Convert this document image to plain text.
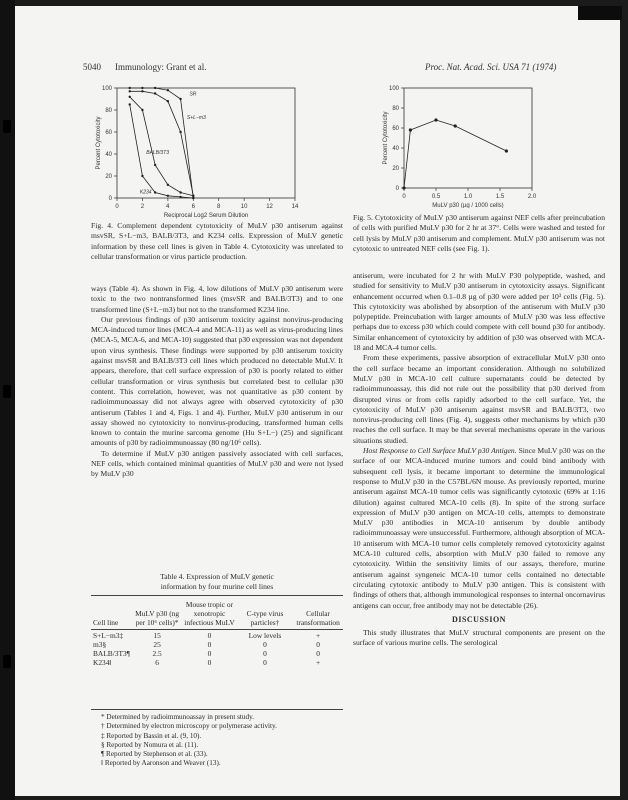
5040 Immunology: Grant et al.	Proc. Nat. Acad. Sci. USA 71 (1974)
0	2	4	6	8	10	12	14
0
20
40
60
80
100
Reciprocal Log2 Serum Dilution
Percent Cytotoxicity
SR
S+L−m3
BALB/3T3
K234

Fig. 4. Complement dependent cytotoxicity of MuLV p30 antiserum against msvSR, S+L−m3, BALB/3T3, and K234 cells. Expression of MuLV genetic information by these cell lines is given in Table 4. Cytotoxicity was unrelated to cellular transformation or virus particle production.

0	0.5	1.0	1.5	2.0
0
20
40
60
80
100
MuLV p30 (µg / 1000 cells)
Percent Cytotoxicity

Fig. 5. Cytotoxicity of MuLV p30 antiserum against NEF cells after preincubation of cells with purified MuLV p30 for 2 hr at 37°. Cells were washed and tested for cell lysis by MuLV p30 antiserum and complement. MuLV p30 antiserum was not cytotoxic to untreated NEF cells (see Fig. 1).

ways (Table 4). As shown in Fig. 4, low dilutions of MuLV p30 antiserum were toxic to the two nontransformed lines (msvSR and BALB/3T3) and to one transformed line (S+L−m3) but not to the transformed K234 line.

Our previous findings of p30 antiserum toxicity against nonvirus-producing MCA-induced tumor lines (MCA-4 and MCA-11) as well as virus-producing lines (MCA-5, MCA-6, and MCA-10) suggested that p30 expression was not dependent upon virus synthesis. These findings were supported by p30 antiserum toxicity against msvSR and BALB/3T3 cell lines which produced no detectable MuLV. It appears, therefore, that cell surface expression of p30 is poorly related to either cellular transformation or virus synthesis but correlated best to cellular p30 content. This correlation, however, was not quantitative as p30 content by radioimmunoassay did not always agree with observed cytotoxicity of p30 antiserum (Tables 1 and 4, Figs. 1 and 4). Further, MuLV p30 antiserum in our assay showed no cytotoxicity to nonvirus-producing, transformed human cells known to contain the murine sarcoma genome (Hu S+L−) (25) and significant amounts of p30 by radioimmunoassay (80 ng/10⁶ cells).

To determine if MuLV p30 antigen passively associated with cell surfaces, NEF cells, which contained minimal quantities of MuLV p30 and were not lysed by MuLV p30

Table 4. Expression of MuLV genetic
information by four murine cell lines
Cell line	MuLV p30 (ng per 10⁶ cells)*	Mouse tropic or xenotropic infectious MuLV	C-type virus particles†	Cellular transformation

S+L−m3‡	15	0	Low levels	+
m3§	25	0	0	0
BALB/3T3¶	2.5	0	0	0
K234‖	6	0	0	+
* Determined by radioimmunoassay in present study.
† Determined by electron microscopy or polymerase activity.
‡ Reported by Bassin et al. (9, 10).
§ Reported by Nomura et al. (11).
¶ Reported by Stephenson et al. (33).
‖ Reported by Aaronson and Weaver (13).

antiserum, were incubated for 2 hr with MuLV P30 polypeptide, washed, and studied for sensitivity to MuLV p30 antiserum in cytotoxicity assays. Significant enhancement occurred when 0.1–0.8 µg of p30 were added per 10³ cells (Fig. 5). This cytotoxicity was abolished by absorption of the antiserum with MuLV p30 polypeptide. Preincubation with larger amounts of MuLV p30 was less effective perhaps due to excess p30 which could compete with cell bound p30 for antibody. Similar enhancement of cytotoxicity by addition of p30 was observed with MCA-18 and MCA-4 tumor cells.

From these experiments, passive absorption of extracellular MuLV p30 onto the cell surface became an important consideration. Although no solubilized MuLV p30 in MCA-10 cell culture supernatants could be detected by radioimmunoassay, this did not rule out the possibility that p30 derived from disrupted virus or from cells rapidly adsorbed to the cell surface. Yet, the cytotoxicity of MuLV p30 antiserum against msvSR and BALB/3T3, two nonvirus-producing cell lines (Fig. 4), suggests other mechanisms by which p30 reaches the cell surface. It may be that several mechanisms operate in the various situations studied.

Host Response to Cell Surface MuLV p30 Antigen. Since MuLV p30 was on the surface of our MCA-induced murine tumors and could bind antibody with subsequent cell lysis, it became important to determine the immunological response to MuLV p30 in the C57BL/6N mouse. As previously reported, murine antiserum against MCA-10 tumor cells was significantly cytotoxic (69% at 1:16 dilution) against cultured MCA-10 cells (8). In spite of the strong surface expression of MuLV p30 antigen on MCA-10 cells, attempts to demonstrate MuLV p30 antibodies in MCA-10 antiserum by double antibody radioimmunoassay were unsuccessful. Furthermore, although absorption of MCA-10 antiserum with MCA-10 tumor cells completely removed cytotoxicity against MCA-10 cultured cells, absorption with MuLV p30 failed to remove any cytotoxicity. Within the sensitivity limits of our assays, therefore, murine antiserum against syngeneic MCA-10 tumor cells contained no detectable circulating cytotoxic antibody to MuLV p30 antigen. This is consistent with findings of others that, although immunological responses to internal oncornavirus antigens can occur, free antibody may not be detectable (26).

DISCUSSION

This study illustrates that MuLV structural components are present on the surface of various murine cells. The serological
